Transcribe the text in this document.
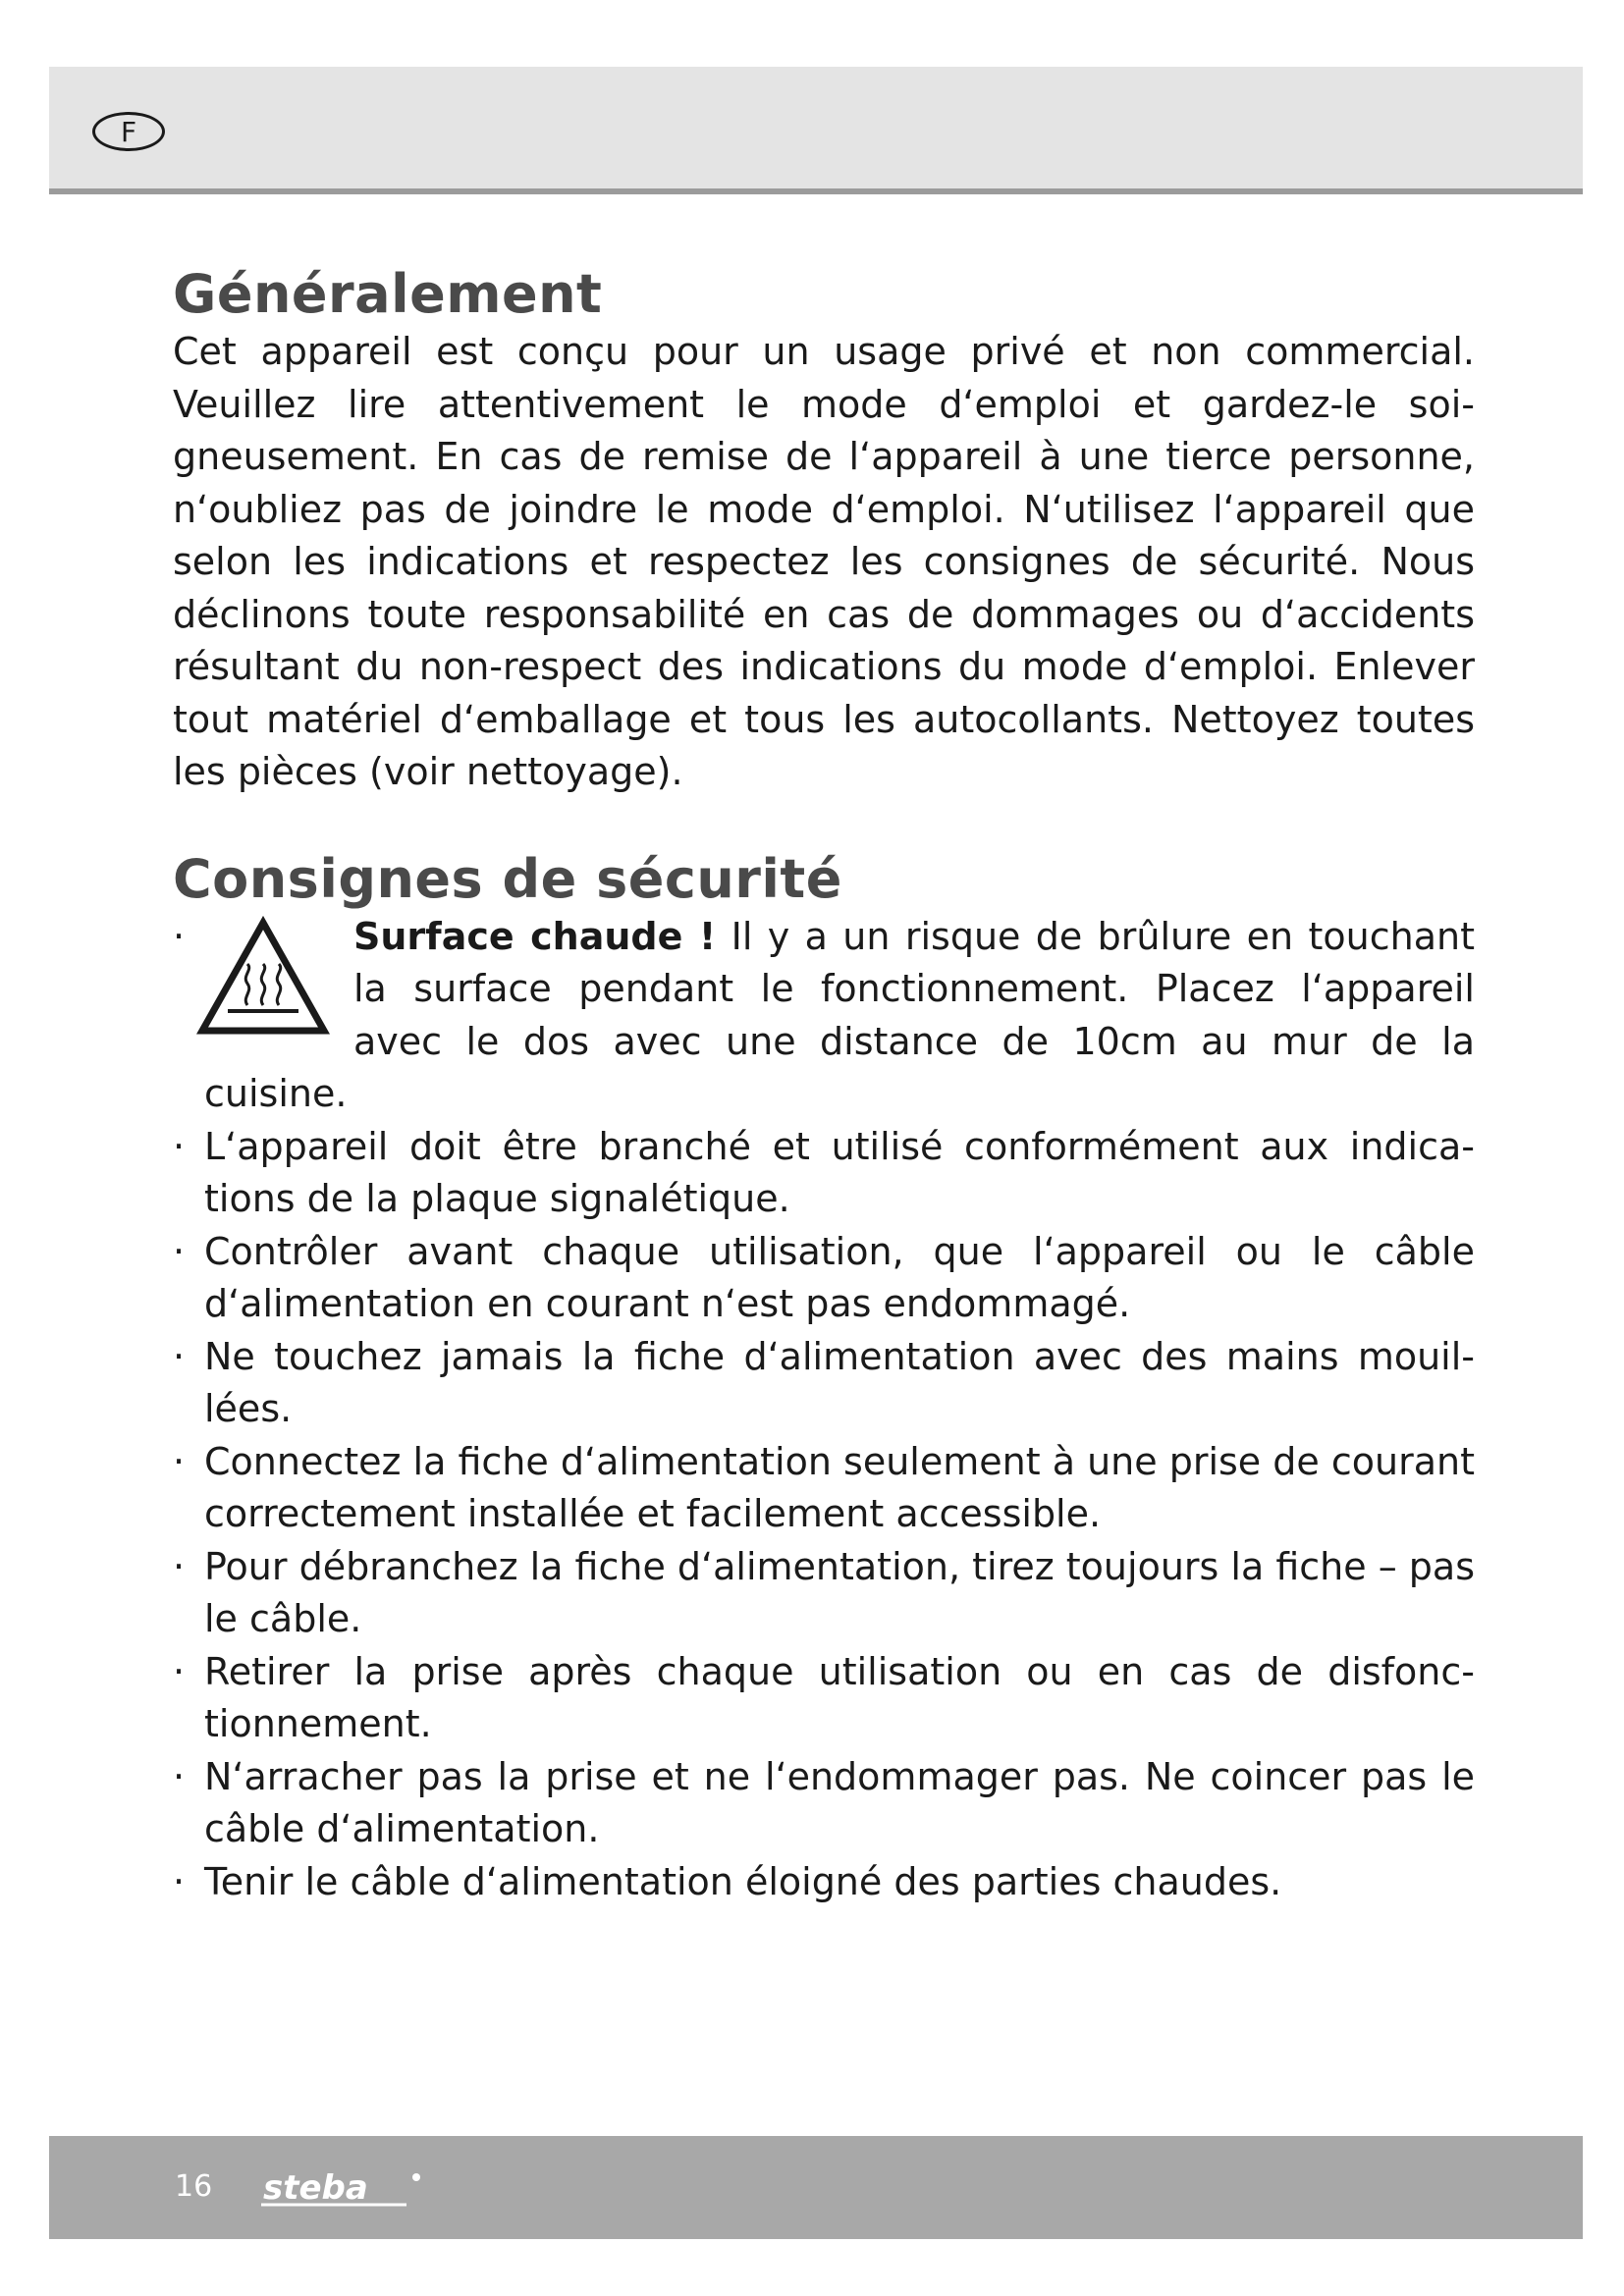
F
Généralement

Cet appareil est conçu pour un usage privé et non commercial. Veuillez lire attentivement le mode d‘emploi et gardez-le soigneusement. En cas de remise de l‘appareil à une tierce personne, n‘oubliez pas de joindre le mode d‘emploi. N‘utilisez l‘appareil que selon les indications et respectez les consignes de sécurité. Nous déclinons toute responsabilité en cas de dommages ou d‘accidents résultant du non-respect des indications du mode d‘emploi. Enlever tout matériel d‘emballage et tous les autocollants. Nettoyez toutes les pièces (voir nettoyage).

Consignes de sécurité
· Surface chaude ! Il y a un risque de brûlure en touchant la surface pendant le fonctionnement. Placez l‘appareil avec le dos avec une distance de 10cm au mur de la cuisine.
· L‘appareil doit être branché et utilisé conformément aux indications de la plaque signalétique.
· Contrôler avant chaque utilisation, que l‘appareil ou le câble d‘alimentation en courant n‘est pas endommagé.
· Ne touchez jamais la fiche d‘alimentation avec des mains mouillées.
· Connectez la fiche d‘alimentation seulement à une prise de courant correctement installée et facilement accessible.
· Pour débranchez la fiche d‘alimentation, tirez toujours la fiche – pas le câble.
· Retirer la prise après chaque utilisation ou en cas de disfonctionnement.
· N‘arracher pas la prise et ne l‘endommager pas. Ne coincer pas le câble d‘alimentation.
· Tenir le câble d‘alimentation éloigné des parties chaudes.
16 steba
